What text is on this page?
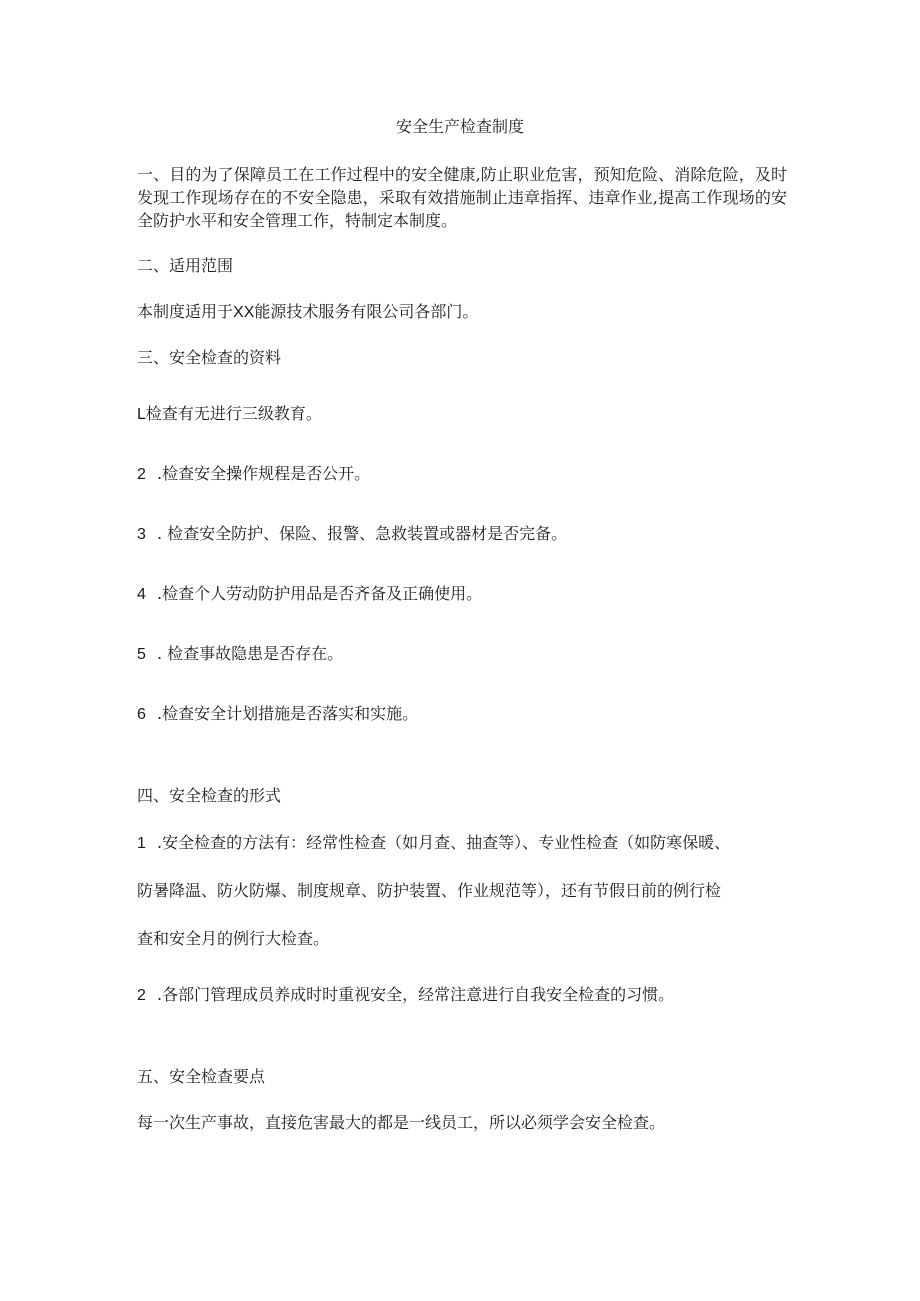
安全生产检查制度

一、目的为了保障员工在工作过程中的安全健康,防止职业危害，预知危险、消除危险，及时发现工作现场存在的不安全隐患，采取有效措施制止违章指挥、违章作业,提高工作现场的安全防护水平和安全管理工作，特制定本制度。

二、适用范围

本制度适用于XX能源技术服务有限公司各部门。

三、安全检查的资料

L检查有无进行三级教育。

2 .检查安全操作规程是否公开。

3 . 检查安全防护、保险、报警、急救装置或器材是否完备。

4 .检查个人劳动防护用品是否齐备及正确使用。

5 . 检查事故隐患是否存在。

6 .检查安全计划措施是否落实和实施。

四、安全检查的形式

1 .安全检查的方法有：经常性检查（如月查、抽查等）、专业性检查（如防寒保暖、

防暑降温、防火防爆、制度规章、防护装置、作业规范等），还有节假日前的例行检

查和安全月的例行大检查。

2 .各部门管理成员养成时时重视安全，经常注意进行自我安全检查的习惯。

五、安全检查要点

每一次生产事故，直接危害最大的都是一线员工，所以必须学会安全检查。
